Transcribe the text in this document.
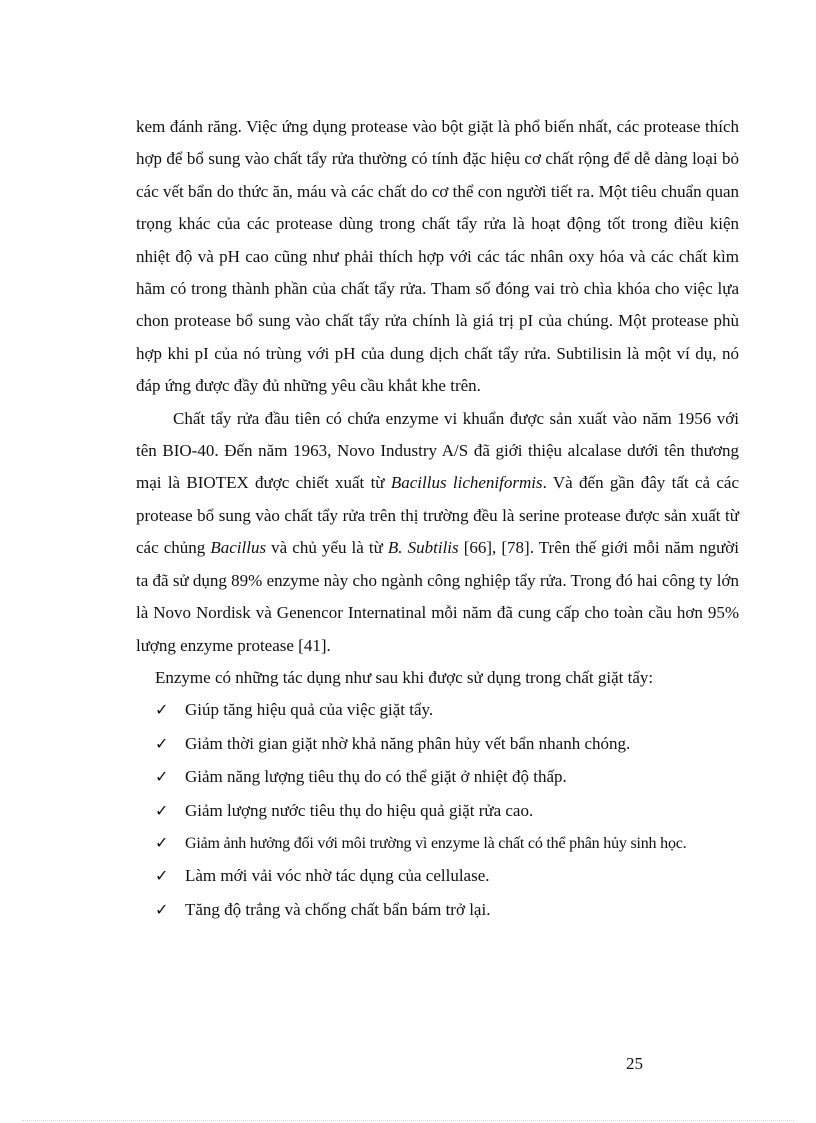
kem đánh răng. Việc ứng dụng protease vào bột giặt là phổ biến nhất, các protease thích hợp để bổ sung vào chất tẩy rửa thường có tính đặc hiệu cơ chất rộng để dễ dàng loại bỏ các vết bẩn do thức ăn, máu và các chất do cơ thể con người tiết ra. Một tiêu chuẩn quan trọng khác của các protease dùng trong chất tẩy rửa là hoạt động tốt trong điều kiện nhiệt độ và pH cao cũng như phải thích hợp với các tác nhân oxy hóa và các chất kìm hãm có trong thành phần của chất tẩy rửa. Tham số đóng vai trò chìa khóa cho việc lựa chon protease bổ sung vào chất tẩy rửa chính là giá trị pI của chúng. Một protease phù hợp khi pI của nó trùng với pH của dung dịch chất tẩy rửa. Subtilisin là một ví dụ, nó đáp ứng được đầy đủ những yêu cầu khắt khe trên.

Chất tẩy rửa đầu tiên có chứa enzyme vi khuẩn được sản xuất vào năm 1956 với tên BIO-40. Đến năm 1963, Novo Industry A/S đã giới thiệu alcalase dưới tên thương mại là BIOTEX được chiết xuất từ Bacillus licheniformis. Và đến gần đây tất cả các protease bổ sung vào chất tẩy rửa trên thị trường đều là serine protease được sản xuất từ các chủng Bacillus và chủ yếu là từ B. Subtilis [66], [78]. Trên thế giới mỗi năm người ta đã sử dụng 89% enzyme này cho ngành công nghiệp tẩy rửa. Trong đó hai công ty lớn là Novo Nordisk và Genencor Internatinal mỗi năm đã cung cấp cho toàn cầu hơn 95% lượng enzyme protease [41].

Enzyme có những tác dụng như sau khi được sử dụng trong chất giặt tẩy:

✓ Giúp tăng hiệu quả của việc giặt tẩy.
✓ Giảm thời gian giặt nhờ khả năng phân hủy vết bẩn nhanh chóng.
✓ Giảm năng lượng tiêu thụ do có thể giặt ở nhiệt độ thấp.
✓ Giảm lượng nước tiêu thụ do hiệu quả giặt rửa cao.
✓	Giảm ảnh hưởng đối với môi trường vì enzyme là chất có thể phân hủy sinh học.
✓ Làm mới vải vóc nhờ tác dụng của cellulase.
✓ Tăng độ trắng và chống chất bẩn bám trở lại.
25
